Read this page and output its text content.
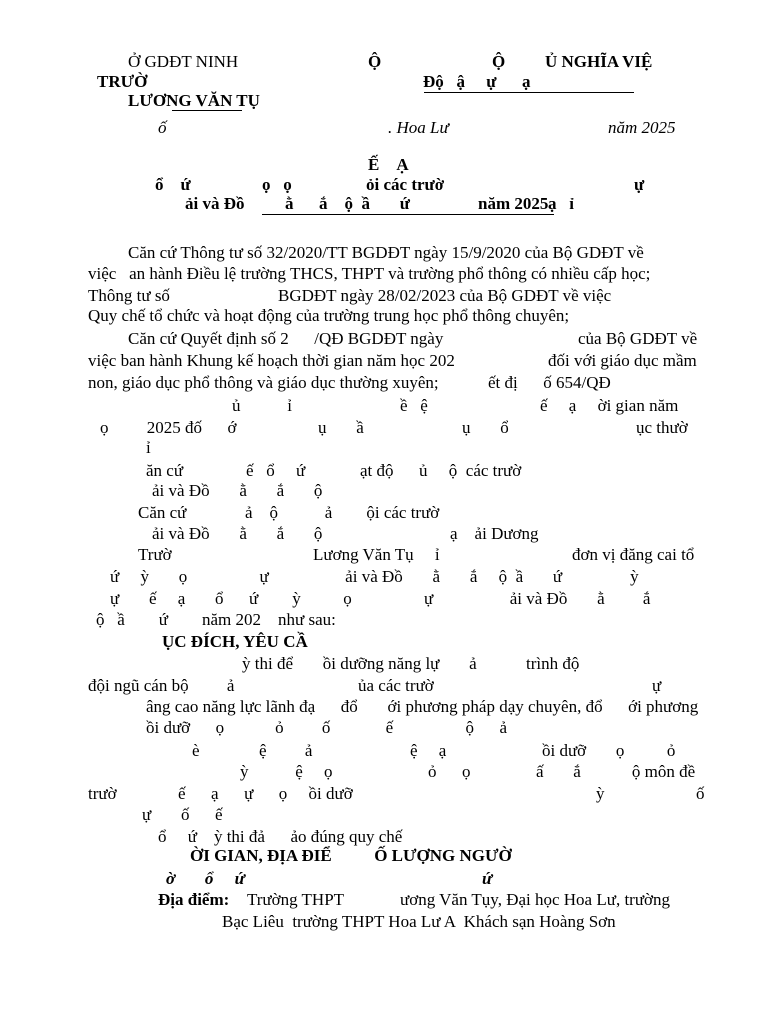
Ở GDĐT NINH
TRƯỜ
LƯƠNG VĂN TỤ
Ộ	Ộ Ủ NGHĨA VIỆ
Độ   ậ     ự      ạ
ố	. Hoa Lư	năm 2025
Ế    Ạ
ổ    ứ	ọ   ọ	ỏi các trườ	ự
ải và Đồ ằ      ắ    ộ  ầ       ứ	năm 2025 ạ   ỉ
Căn cứ Thông tư số 32/2020/TT BGDĐT ngày 15/9/2020 của Bộ GDĐT về
việc   an hành Điều lệ trường THCS, THPT và trường phổ thông có nhiều cấp học;
Thông tư số	BGDĐT ngày 28/02/2023 của Bộ GDĐT về việc
Quy chế tổ chức và hoạt động của trường trung học phổ thông chuyên;
Căn cứ Quyết định số 2      /QĐ BGDĐT ngày	của Bộ GDĐT về
việc ban hành Khung kế hoạch thời gian năm học 202	đối với giáo dục mầm
non, giáo dục phổ thông và giáo dục thường xuyên;	ết đị      ố 654/QĐ
ủ           ỉ	ề   ệ	ế     ạ     ời gian năm
ọ         2025 đố      ớ	ụ       ầ	ụ       ổ	ục thườ
ỉ
ăn cứ	ế   ổ     ứ	ạt độ      ủ     ộ  các trườ
ải và Đồ       ằ       ắ       ộ
Căn cứ	ả    ộ           ả        ội các trườ
ải và Đồ       ằ       ắ       ộ	ạ    ải Dương
Trườ	Lương Văn Tụ     ỉ	đơn vị đăng cai tổ
ứ     ỳ       ọ                 ự                  ải và Đồ       ằ       ắ     ộ  ầ       ứ                ỳ
ự       ế     ạ       ổ      ứ        ỳ          ọ                 ự                  ải và Đồ       ằ         ắ
ộ   ầ        ứ        năm 202    như sau:
ỤC ĐÍCH, YÊU CẦ
ỳ thi để       ồi dưỡng năng lự       ả	trình độ
đội ngũ cán bộ         ả	ủa các trườ	ự
âng cao năng lực lãnh đạ      đổ       ới phương pháp dạy chuyên, đổ      ới phương
ồi dưỡ      ọ            ỏ         ố             ế                 ộ      ả
è              ệ         ả	ệ     ạ	ồi dưỡ       ọ          ỏ
ỳ           ệ     ọ	ỏ      ọ	ấ       ắ            ộ môn đề
trườ	ế      ạ      ự      ọ     ồi dưỡ	ỳ	ố
ự       ố      ế
ổ     ứ    ỳ thi đả      ảo đúng quy chế
ỜI GIAN, ĐỊA ĐIỂ          Ố LƯỢNG NGƯỜ
ờ       ổ     ứ	ứ
Địa điểm: Trường THPT	ương Văn Tụy, Đại học Hoa Lư, trường
Bạc Liêu  trường THPT Hoa Lư A  Khách sạn Hoàng Sơn
